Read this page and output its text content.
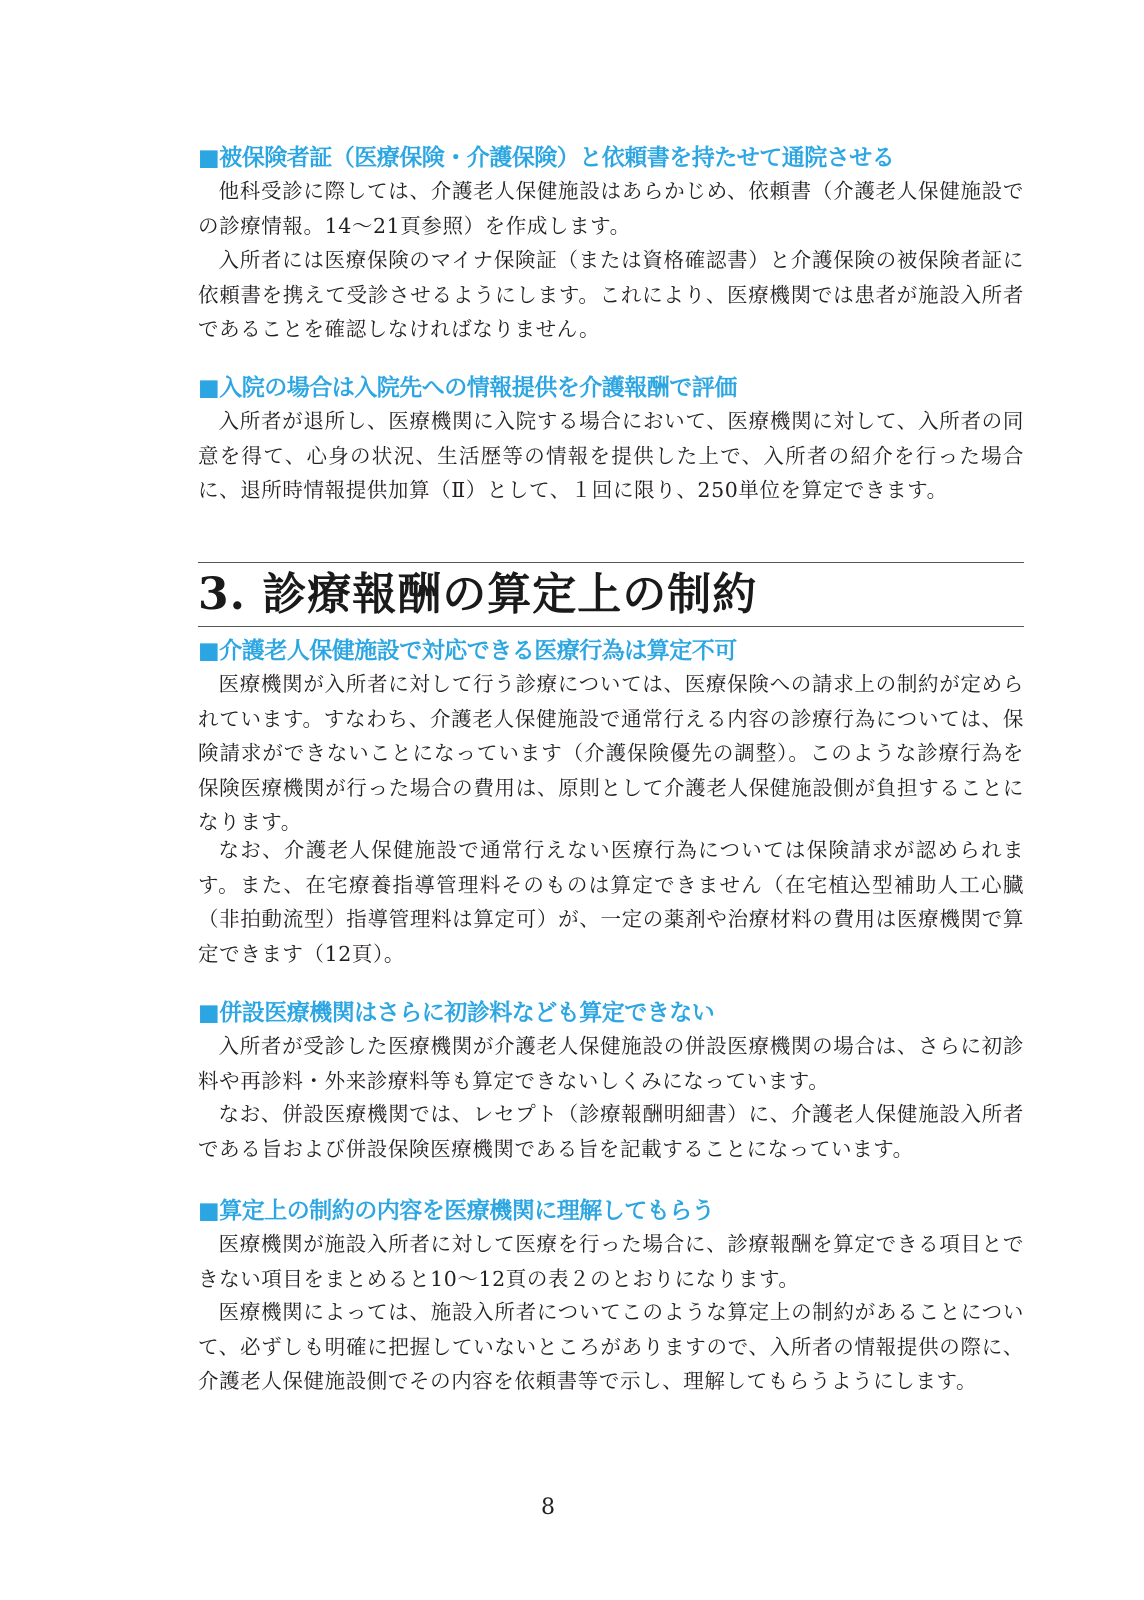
■被保険者証（医療保険・介護保険）と依頼書を持たせて通院させる

他科受診に際しては、介護老人保健施設はあらかじめ、依頼書（介護老人保健施設での診療情報。14～21頁参照）を作成します。

入所者には医療保険のマイナ保険証（または資格確認書）と介護保険の被保険者証に依頼書を携えて受診させるようにします。これにより、医療機関では患者が施設入所者であることを確認しなければなりません。

■入院の場合は入院先への情報提供を介護報酬で評価

入所者が退所し、医療機関に入院する場合において、医療機関に対して、入所者の同意を得て、心身の状況、生活歴等の情報を提供した上で、入所者の紹介を行った場合に、退所時情報提供加算（Ⅱ）として、１回に限り、250単位を算定できます。

3. 診療報酬の算定上の制約
■介護老人保健施設で対応できる医療行為は算定不可

医療機関が入所者に対して行う診療については、医療保険への請求上の制約が定められています。すなわち、介護老人保健施設で通常行える内容の診療行為については、保険請求ができないことになっています（介護保険優先の調整）。このような診療行為を保険医療機関が行った場合の費用は、原則として介護老人保健施設側が負担することになります。

なお、介護老人保健施設で通常行えない医療行為については保険請求が認められます。また、在宅療養指導管理料そのものは算定できません（在宅植込型補助人工心臓（非拍動流型）指導管理料は算定可）が、一定の薬剤や治療材料の費用は医療機関で算定できます（12頁）。

■併設医療機関はさらに初診料なども算定できない

入所者が受診した医療機関が介護老人保健施設の併設医療機関の場合は、さらに初診料や再診料・外来診療料等も算定できないしくみになっています。

なお、併設医療機関では、レセプト（診療報酬明細書）に、介護老人保健施設入所者である旨および併設保険医療機関である旨を記載することになっています。

■算定上の制約の内容を医療機関に理解してもらう

医療機関が施設入所者に対して医療を行った場合に、診療報酬を算定できる項目とできない項目をまとめると10～12頁の表２のとおりになります。

医療機関によっては、施設入所者についてこのような算定上の制約があることについて、必ずしも明確に把握していないところがありますので、入所者の情報提供の際に、介護老人保健施設側でその内容を依頼書等で示し、理解してもらうようにします。

8
